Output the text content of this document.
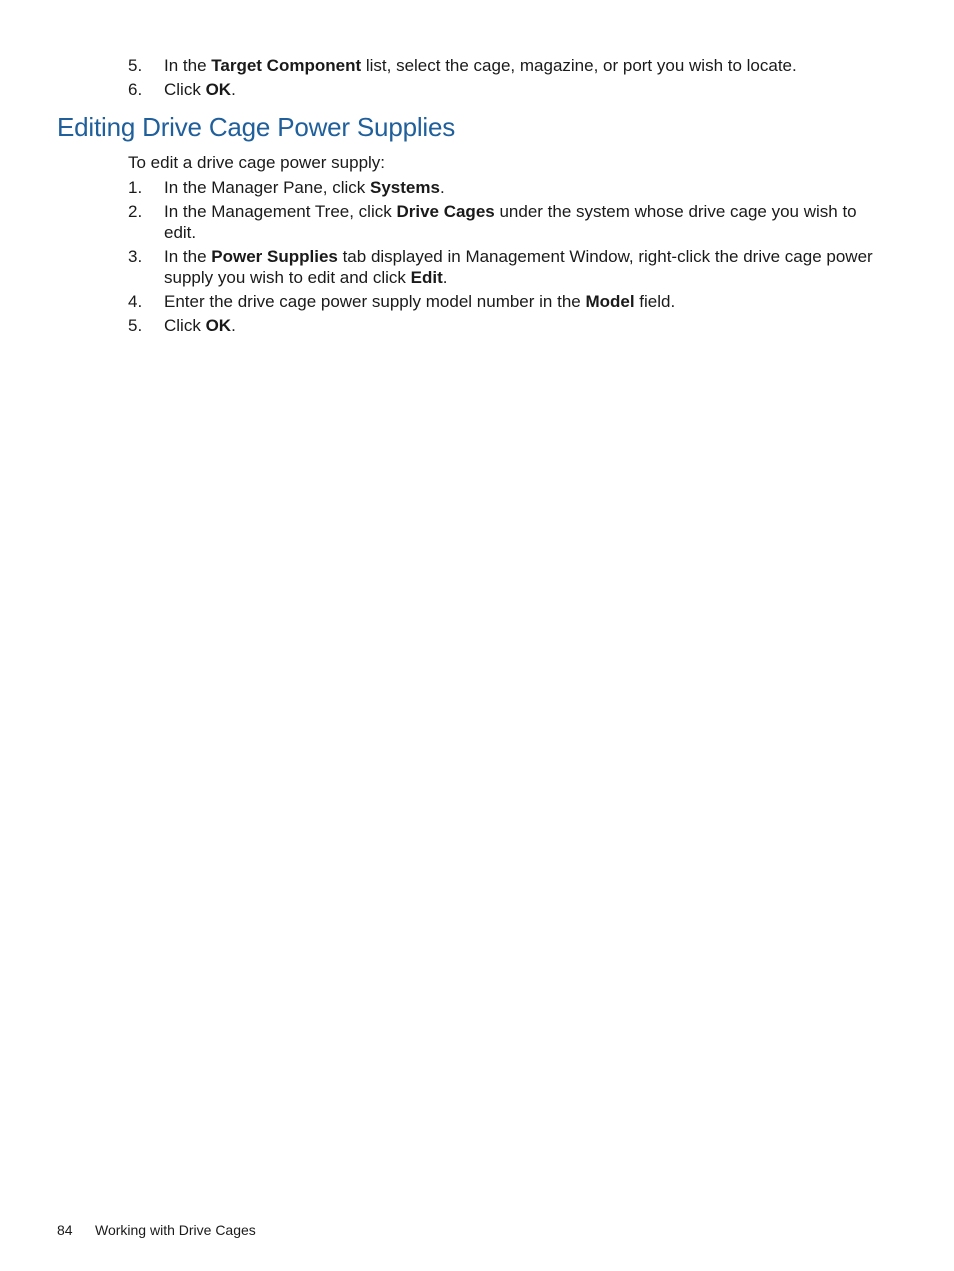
5. In the Target Component list, select the cage, magazine, or port you wish to locate.
6. Click OK.
Editing Drive Cage Power Supplies

To edit a drive cage power supply:

1. In the Manager Pane, click Systems.
2. In the Management Tree, click Drive Cages under the system whose drive cage you wish to edit.
3. In the Power Supplies tab displayed in Management Window, right-click the drive cage power supply you wish to edit and click Edit.
4. Enter the drive cage power supply model number in the Model field.
5. Click OK.
84 Working with Drive Cages
